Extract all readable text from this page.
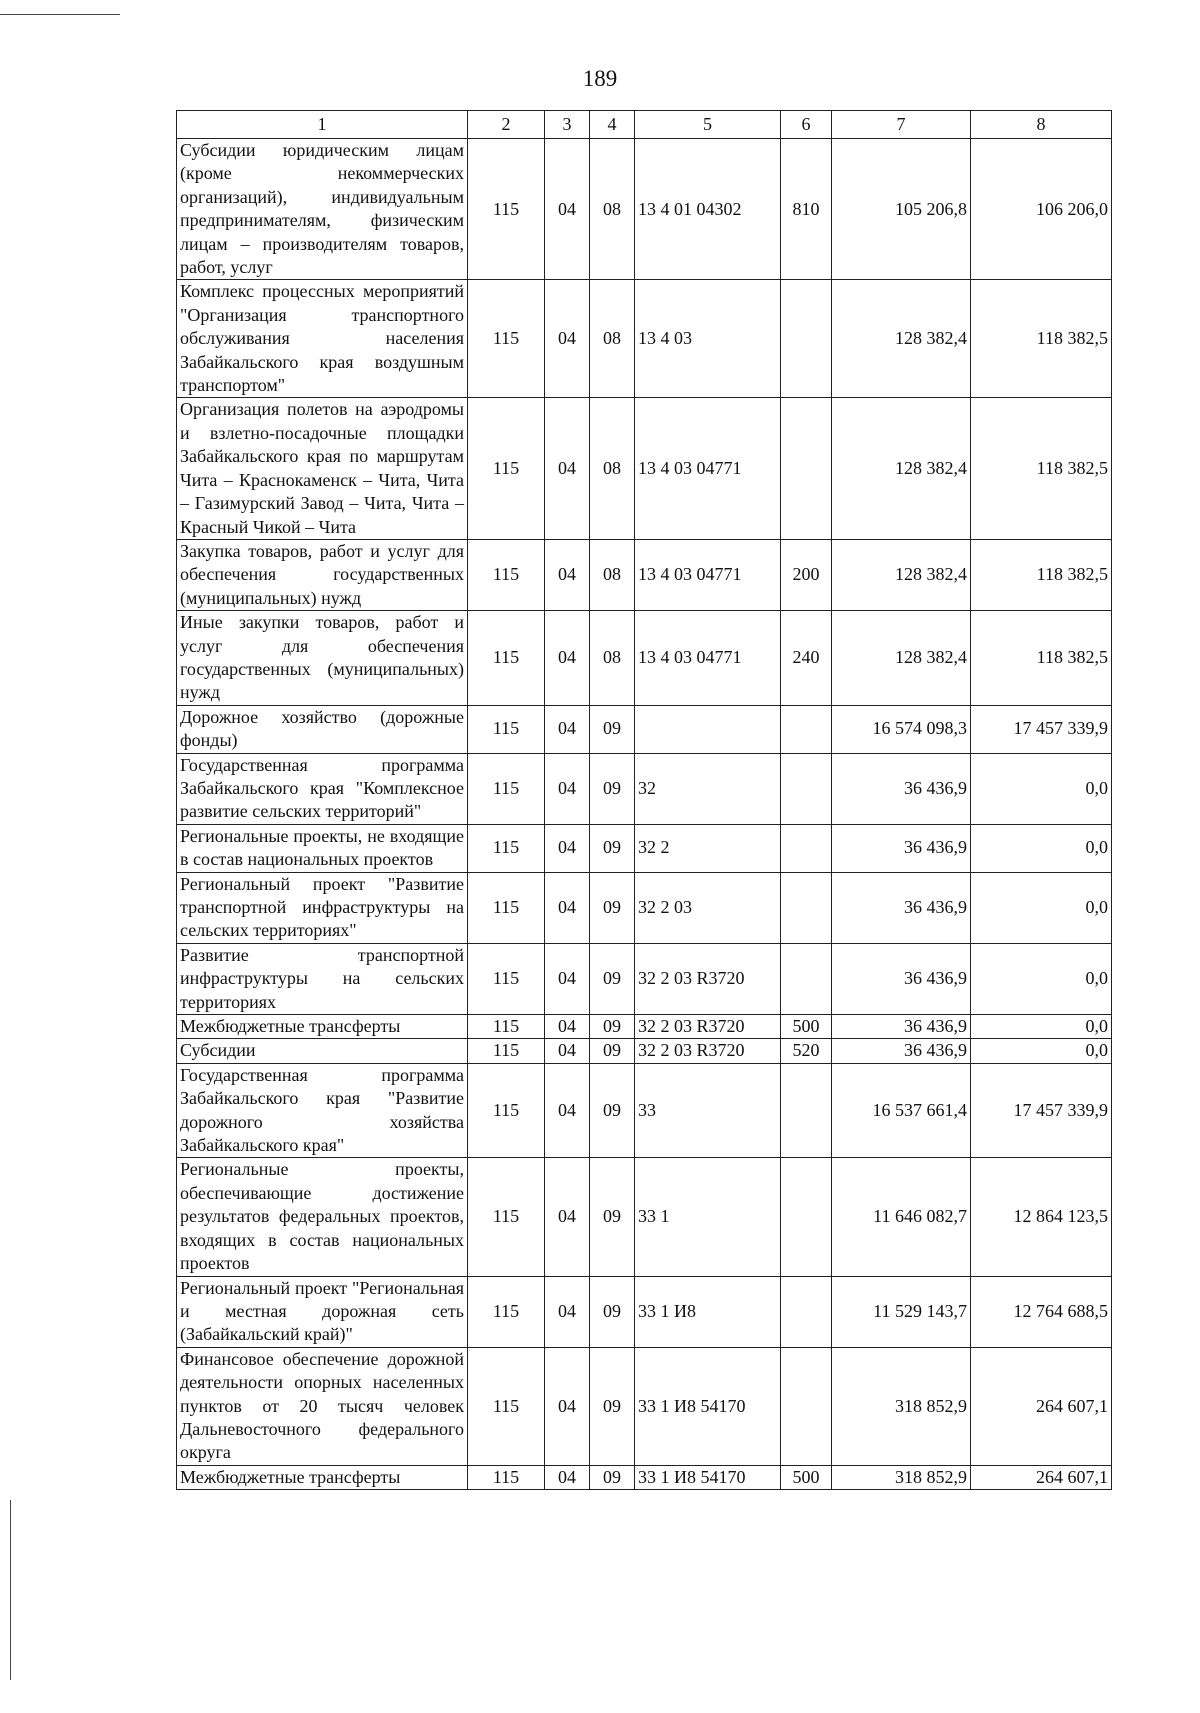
189
1	2	3	4	5	6	7	8
Субсидии юридическим лицам (кроме некоммерческих организаций), индивидуальным предпринимателям, физическим лицам – производителям товаров, работ, услуг	115	04	08	13 4 01 04302	810	105 206,8	106 206,0
Комплекс процессных мероприятий "Организация транспортного обслуживания населения Забайкальского края воздушным транспортом"	115	04	08	13 4 03		128 382,4	118 382,5
Организация полетов на аэродромы и взлетно-посадочные площадки Забайкальского края по маршрутам Чита – Краснокаменск – Чита, Чита – Газимурский Завод – Чита, Чита – Красный Чикой – Чита	115	04	08	13 4 03 04771		128 382,4	118 382,5
Закупка товаров, работ и услуг для обеспечения государственных (муниципальных) нужд	115	04	08	13 4 03 04771	200	128 382,4	118 382,5
Иные закупки товаров, работ и услуг для обеспечения государственных (муниципальных) нужд	115	04	08	13 4 03 04771	240	128 382,4	118 382,5
Дорожное хозяйство (дорожные фонды)	115	04	09			16 574 098,3	17 457 339,9
Государственная программа Забайкальского края "Комплексное развитие сельских территорий"	115	04	09	32		36 436,9	0,0
Региональные проекты, не входящие в состав национальных проектов	115	04	09	32 2		36 436,9	0,0
Региональный проект "Развитие транспортной инфраструктуры на сельских территориях"	115	04	09	32 2 03		36 436,9	0,0
Развитие транспортной инфраструктуры на сельских территориях	115	04	09	32 2 03 R3720		36 436,9	0,0
Межбюджетные трансферты	115	04	09	32 2 03 R3720	500	36 436,9	0,0
Субсидии	115	04	09	32 2 03 R3720	520	36 436,9	0,0
Государственная программа Забайкальского края "Развитие дорожного хозяйства Забайкальского края"	115	04	09	33		16 537 661,4	17 457 339,9
Региональные проекты, обеспечивающие достижение результатов федеральных проектов, входящих в состав национальных проектов	115	04	09	33 1		11 646 082,7	12 864 123,5
Региональный проект "Региональная и местная дорожная сеть (Забайкальский край)"	115	04	09	33 1 И8		11 529 143,7	12 764 688,5
Финансовое обеспечение дорожной деятельности опорных населенных пунктов от 20 тысяч человек Дальневосточного федерального округа	115	04	09	33 1 И8 54170		318 852,9	264 607,1
Межбюджетные трансферты	115	04	09	33 1 И8 54170	500	318 852,9	264 607,1
